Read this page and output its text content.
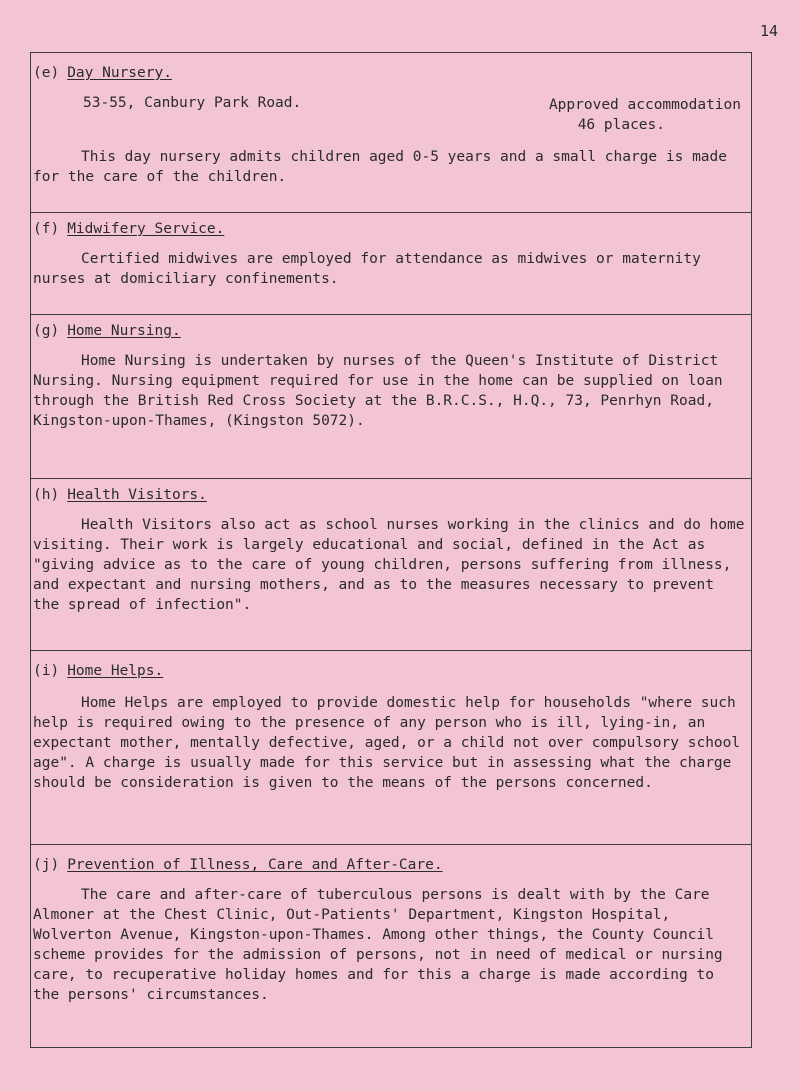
14
(e) Day Nursery.
53-55, Canbury Park Road.	Approved accommodation
46 places.

This day nursery admits children aged 0-5 years and a small charge is made for the care of the children.

(f) Midwifery Service.

Certified midwives are employed for attendance as midwives or maternity nurses at domiciliary confinements.

(g) Home Nursing.

Home Nursing is undertaken by nurses of the Queen's Institute of District Nursing. Nursing equipment required for use in the home can be supplied on loan through the British Red Cross Society at the B.R.C.S., H.Q., 73, Penrhyn Road, Kingston-upon-Thames, (Kingston 5072).

(h) Health Visitors.

Health Visitors also act as school nurses working in the clinics and do home visiting. Their work is largely educational and social, defined in the Act as "giving advice as to the care of young children, persons suffering from illness, and expectant and nursing mothers, and as to the measures necessary to prevent the spread of infection".

(i) Home Helps.

Home Helps are employed to provide domestic help for households "where such help is required owing to the presence of any person who is ill, lying-in, an expectant mother, mentally defective, aged, or a child not over compulsory school age". A charge is usually made for this service but in assessing what the charge should be consideration is given to the means of the persons concerned.

(j) Prevention of Illness, Care and After-Care.

The care and after-care of tuberculous persons is dealt with by the Care Almoner at the Chest Clinic, Out-Patients' Department, Kingston Hospital, Wolverton Avenue, Kingston-upon-Thames. Among other things, the County Council scheme provides for the admission of persons, not in need of medical or nursing care, to recuperative holiday homes and for this a charge is made according to the persons' circumstances.
